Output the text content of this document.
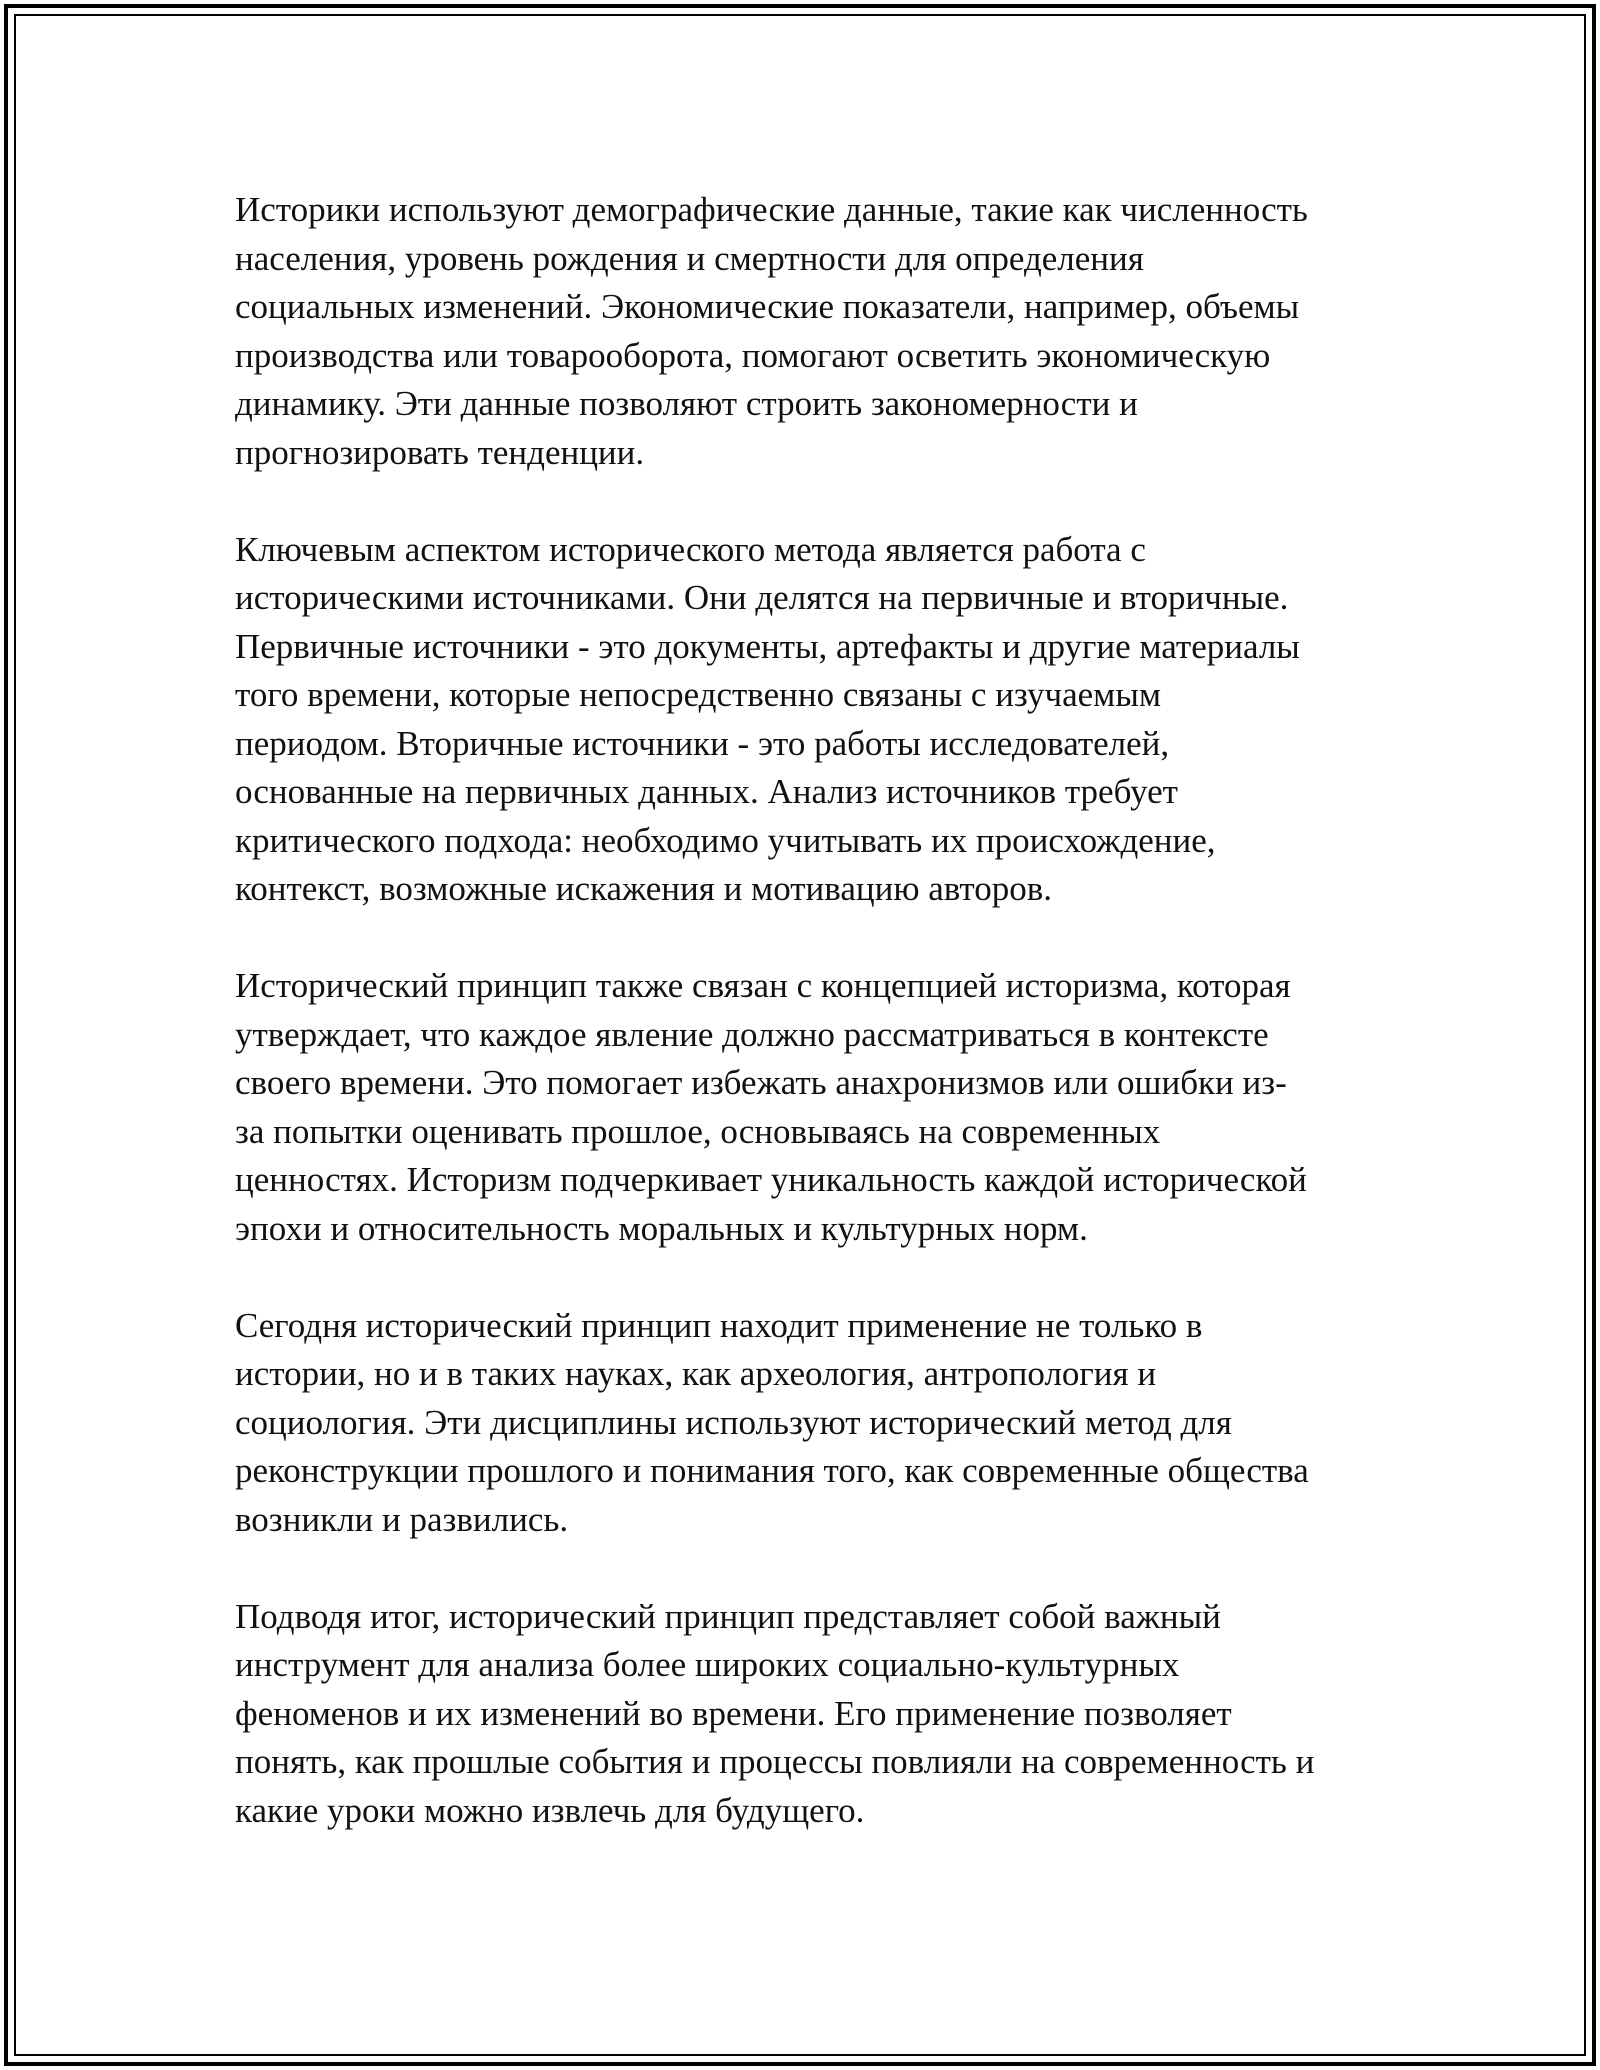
Историки используют демографические данные, такие как численность
населения, уровень рождения и смертности для определения
социальных изменений. Экономические показатели, например, объемы
производства или товарооборота, помогают осветить экономическую
динамику. Эти данные позволяют строить закономерности и
прогнозировать тенденции.

Ключевым аспектом исторического метода является работа с
историческими источниками. Они делятся на первичные и вторичные.
Первичные источники - это документы, артефакты и другие материалы
того времени, которые непосредственно связаны с изучаемым
периодом. Вторичные источники - это работы исследователей,
основанные на первичных данных. Анализ источников требует
критического подхода: необходимо учитывать их происхождение,
контекст, возможные искажения и мотивацию авторов.

Исторический принцип также связан с концепцией историзма, которая
утверждает, что каждое явление должно рассматриваться в контексте
своего времени. Это помогает избежать анахронизмов или ошибки из-
за попытки оценивать прошлое, основываясь на современных
ценностях. Историзм подчеркивает уникальность каждой исторической
эпохи и относительность моральных и культурных норм.

Сегодня исторический принцип находит применение не только в
истории, но и в таких науках, как археология, антропология и
социология. Эти дисциплины используют исторический метод для
реконструкции прошлого и понимания того, как современные общества
возникли и развились.

Подводя итог, исторический принцип представляет собой важный
инструмент для анализа более широких социально-культурных
феноменов и их изменений во времени. Его применение позволяет
понять, как прошлые события и процессы повлияли на современность и
какие уроки можно извлечь для будущего.
